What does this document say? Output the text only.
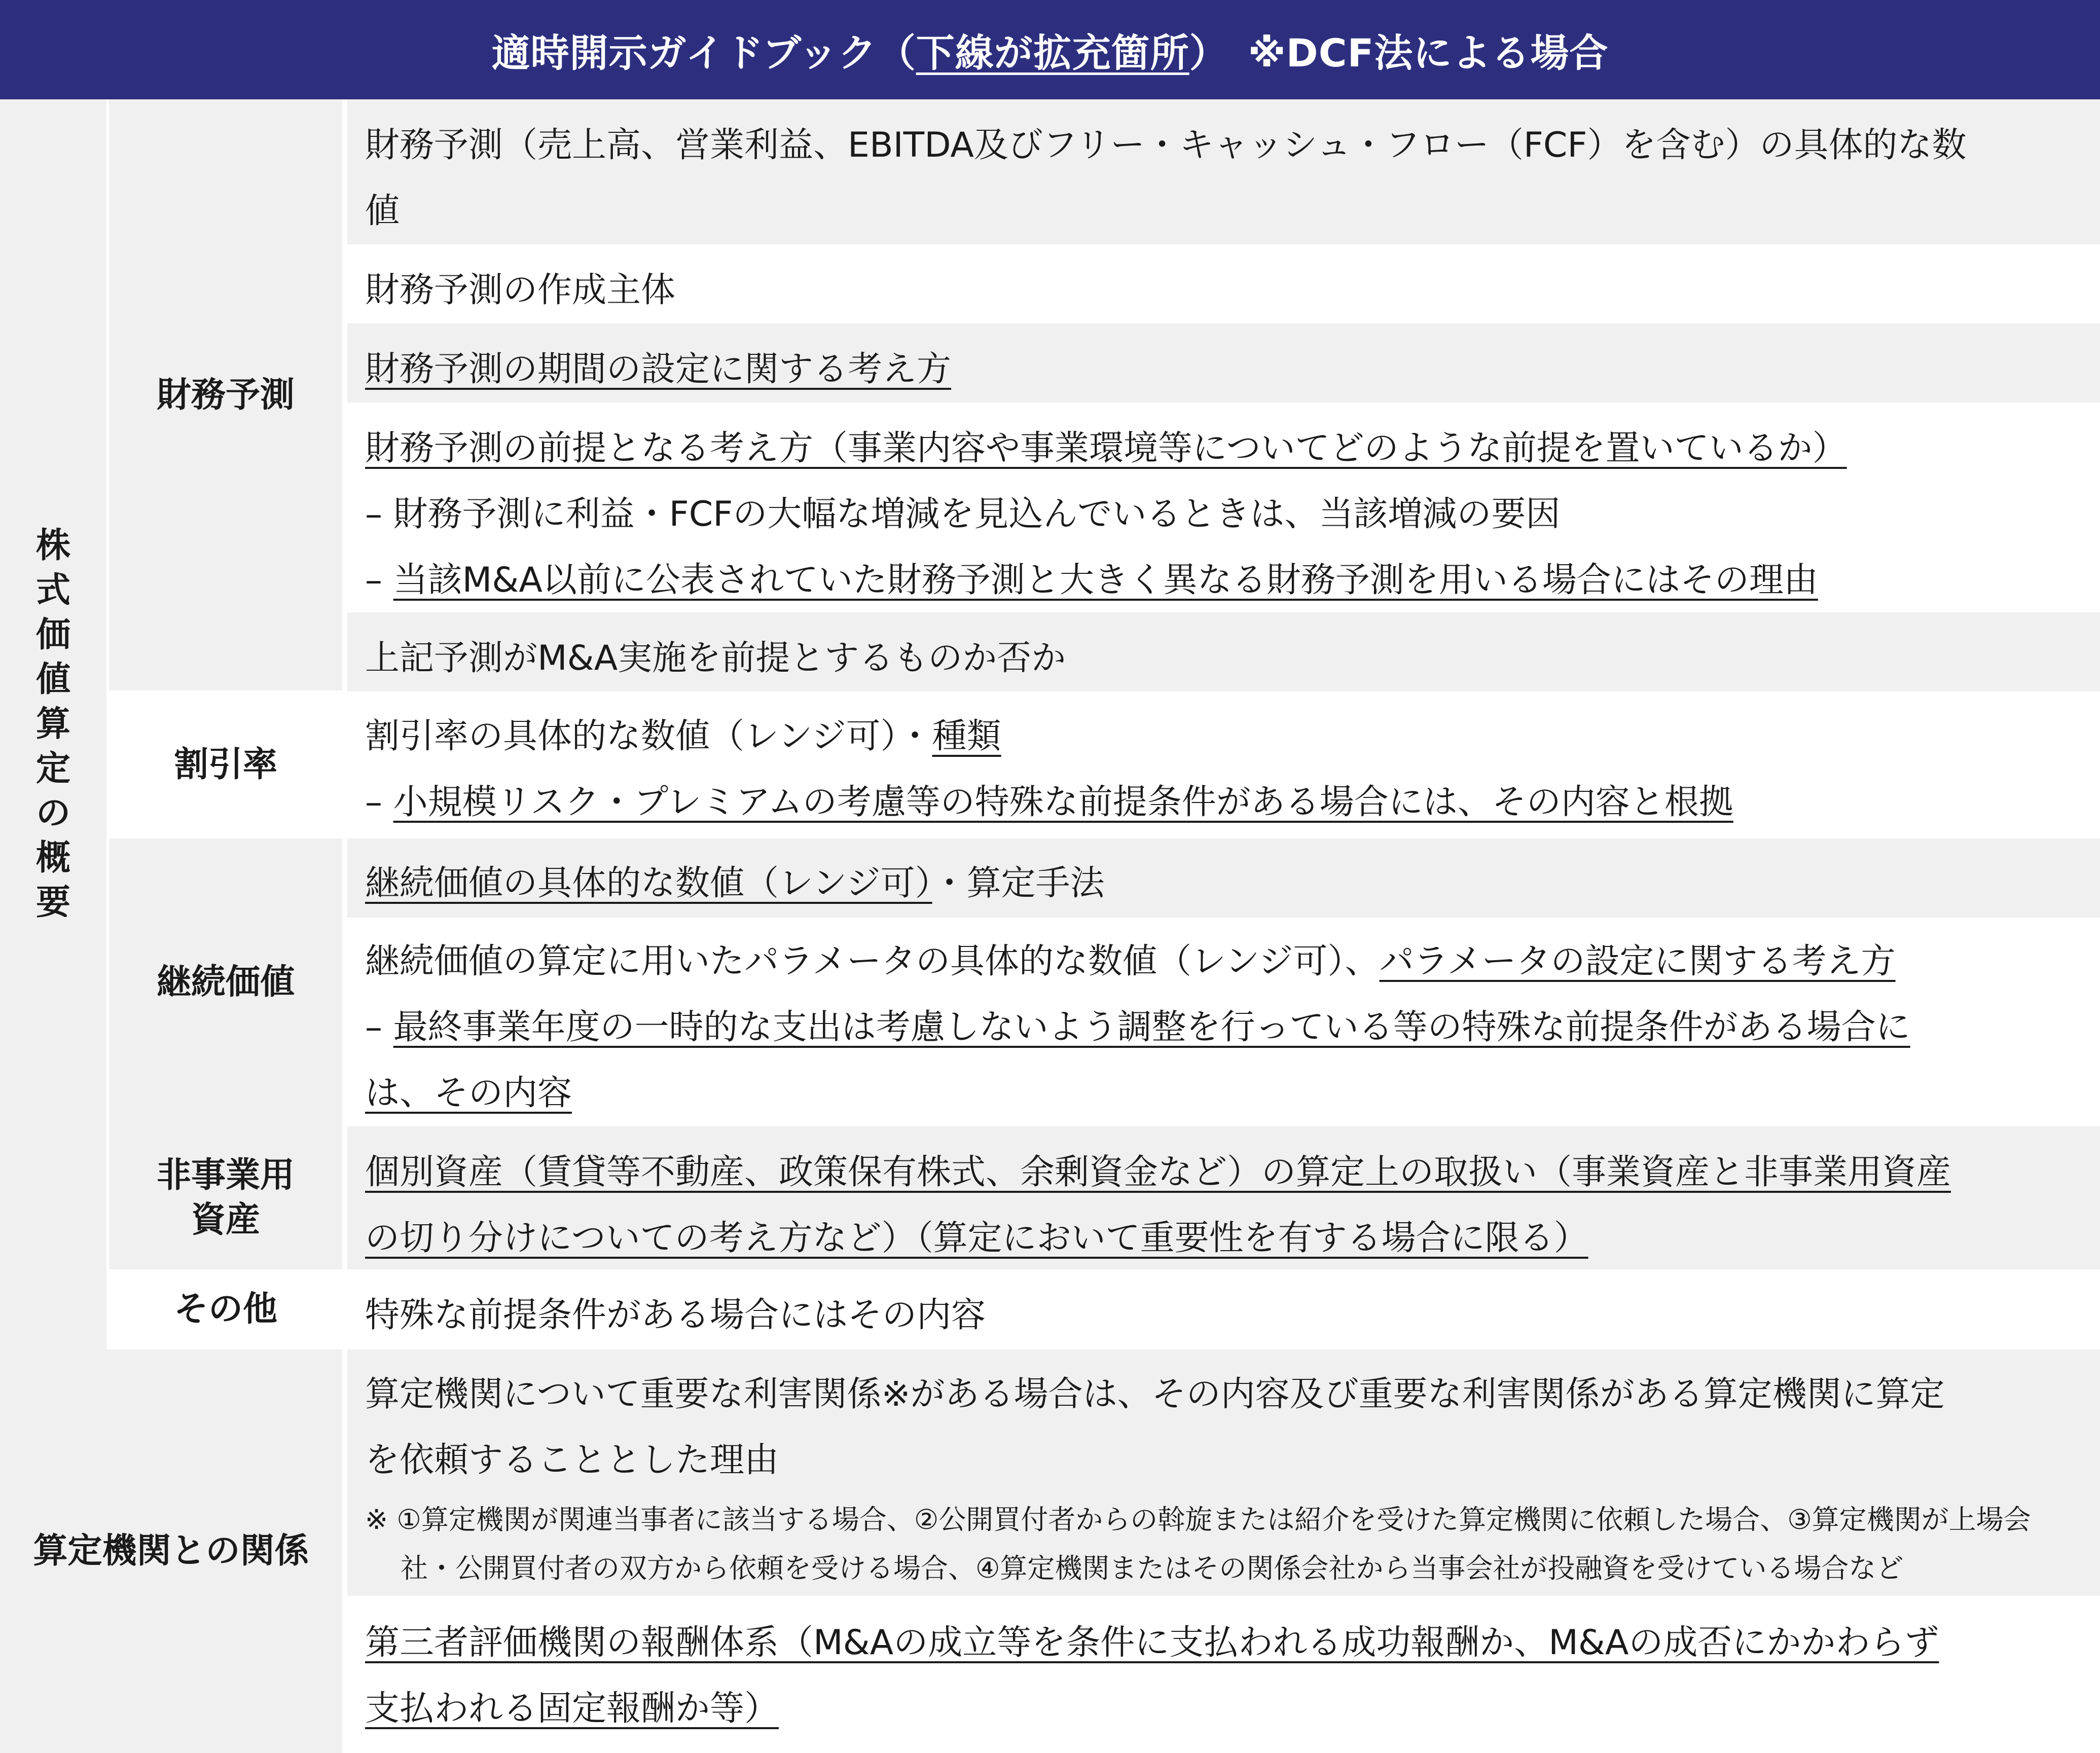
適時開示ガイドブック（ 下線が拡充箇所 ）　※DCF法による場合
株
式
価
値
算
定
の
概
要
財務予測
割引率
継続価値
非事業用
資産
その他
算定機関との関係
財務予測（売上高、営業利益、EBITDA及びフリー・キャッシュ・フロー（FCF）を含む）の具体的な数
値
財務予測の作成主体
財務予測の期間の設定に関する考え方
財務予測の前提となる考え方（事業内容や事業環境等についてどのような前提を置いているか）
– 財務予測に利益・FCFの大幅な増減を見込んでいるときは、当該増減の要因
– 当該M&A以前に公表されていた財務予測と大きく異なる財務予測を用いる場合にはその理由
上記予測がM&A実施を前提とするものか否か
割引率の具体的な数値（レンジ可）・種類
– 小規模リスク・プレミアムの考慮等の特殊な前提条件がある場合には、その内容と根拠
継続価値の具体的な数値（レンジ可）・算定手法
継続価値の算定に用いたパラメータの具体的な数値（レンジ可）、パラメータの設定に関する考え方
– 最終事業年度の一時的な支出は考慮しないよう調整を行っている等の特殊な前提条件がある場合に
は、その内容
個別資産（賃貸等不動産、政策保有株式、余剰資金など）の算定上の取扱い（事業資産と非事業用資産
の切り分けについての考え方など）（算定において重要性を有する場合に限る）
特殊な前提条件がある場合にはその内容
算定機関について重要な利害関係※がある場合は、その内容及び重要な利害関係がある算定機関に算定
を依頼することとした理由
※ ①算定機関が関連当事者に該当する場合、②公開買付者からの斡旋または紹介を受けた算定機関に依頼した場合、③算定機関が上場会
社・公開買付者の双方から依頼を受ける場合、④算定機関またはその関係会社から当事会社が投融資を受けている場合など
第三者評価機関の報酬体系（M&Aの成立等を条件に支払われる成功報酬か、M&Aの成否にかかわらず
支払われる固定報酬か等）
